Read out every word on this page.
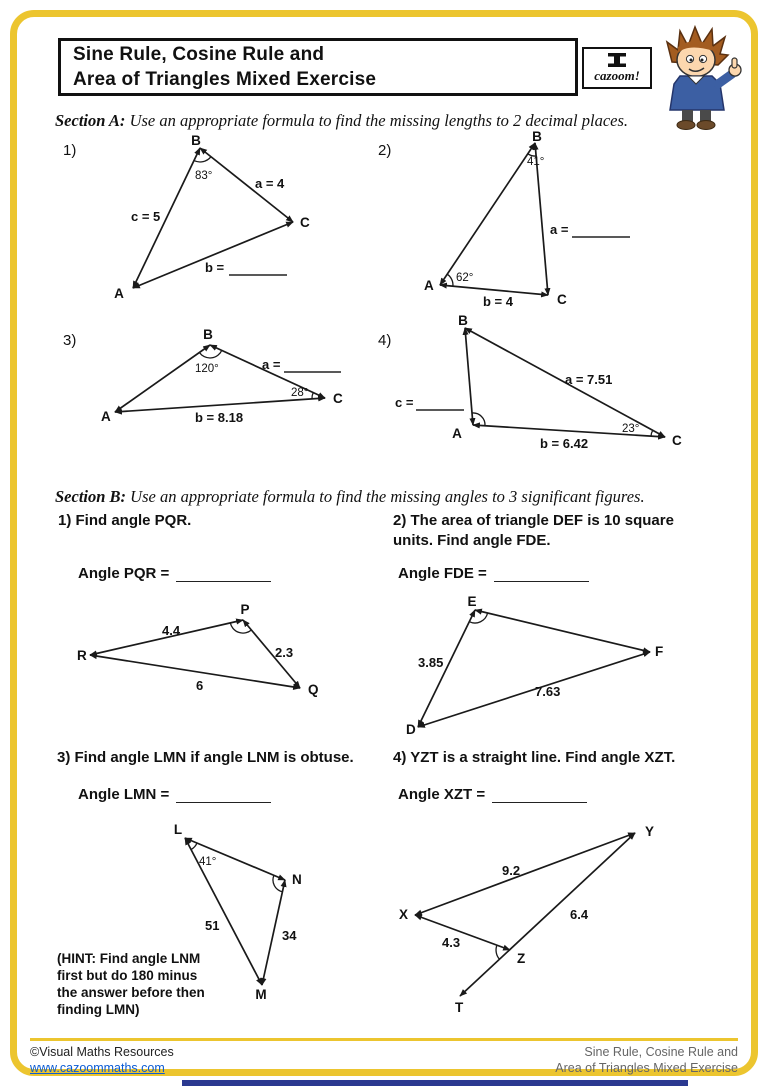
Sine Rule, Cosine Rule and
Area of Triangles Mixed Exercise	cazoom!
Section A: Use an appropriate formula to find the missing lengths to 2 decimal places.
1)	2)
3)	4)
B
83°	a = 4
c = 5	C
b =
A
B
41°
62°
a =
b = 4
A
C
B
120°	a =
28°
b = 8.18
A
C
B
a = 7.51
c =
b = 6.42
23°
A	C
Section B: Use an appropriate formula to find the missing angles to 3 significant figures.
1) Find angle PQR.	2) The area of triangle DEF is 10 square units. Find angle FDE.
Angle PQR =	Angle FDE =
P
4.4
2.3
6
R
Q
E
3.85
7.63
D
F
3) Find angle LMN if angle LNM is obtuse.	4) YZT is a straight line. Find angle XZT.
Angle LMN =	Angle XZT =
L
41°
N
51
34
M
Y
9.2
X	6.4
4.3
Z
T
(HINT: Find angle LNM
first but do 180 minus
the answer before then
finding LMN)
©Visual Maths Resources
www.cazoommaths.com
Sine Rule, Cosine Rule and
Area of Triangles Mixed Exercise
